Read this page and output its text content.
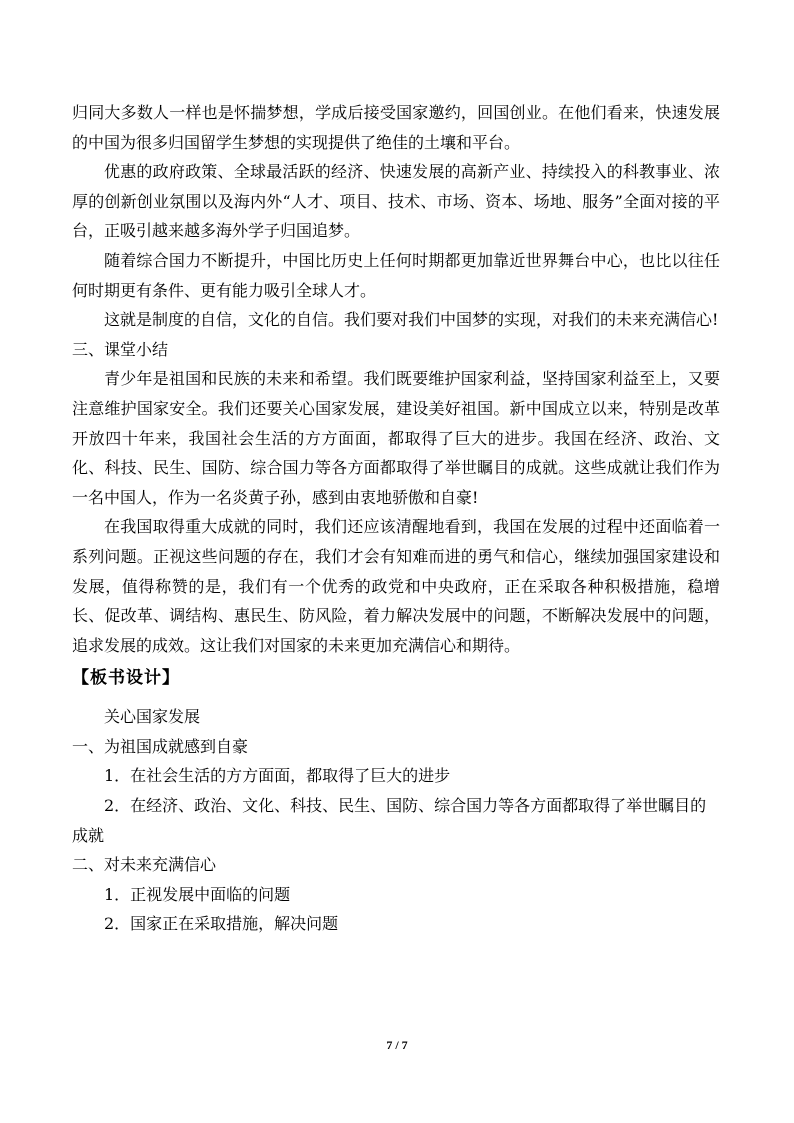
归同大多数人一样也是怀揣梦想，学成后接受国家邀约，回国创业。在他们看来，快速发展的中国为很多归国留学生梦想的实现提供了绝佳的土壤和平台。

优惠的政府政策、全球最活跃的经济、快速发展的高新产业、持续投入的科教事业、浓厚的创新创业氛围以及海内外“人才、项目、技术、市场、资本、场地、服务”全面对接的平台，正吸引越来越多海外学子归国追梦。

随着综合国力不断提升，中国比历史上任何时期都更加靠近世界舞台中心，也比以往任何时期更有条件、更有能力吸引全球人才。

这就是制度的自信，文化的自信。我们要对我们中国梦的实现，对我们的未来充满信心!

三、课堂小结

青少年是祖国和民族的未来和希望。我们既要维护国家利益，坚持国家利益至上，又要注意维护国家安全。我们还要关心国家发展，建设美好祖国。新中国成立以来，特别是改革开放四十年来，我国社会生活的方方面面，都取得了巨大的进步。我国在经济、政治、文化、科技、民生、国防、综合国力等各方面都取得了举世瞩目的成就。这些成就让我们作为一名中国人，作为一名炎黄子孙，感到由衷地骄傲和自豪!

在我国取得重大成就的同时，我们还应该清醒地看到，我国在发展的过程中还面临着一系列问题。正视这些问题的存在，我们才会有知难而进的勇气和信心，继续加强国家建设和发展，值得称赞的是，我们有一个优秀的政党和中央政府，正在采取各种积极措施，稳增长、促改革、调结构、惠民生、防风险，着力解决发展中的问题，不断解决发展中的问题，追求发展的成效。这让我们对国家的未来更加充满信心和期待。

【板书设计】

关心国家发展

一、为祖国成就感到自豪

1．在社会生活的方方面面，都取得了巨大的进步

2．在经济、政治、文化、科技、民生、国防、综合国力等各方面都取得了举世瞩目的成就

二、对未来充满信心

1．正视发展中面临的问题

2．国家正在采取措施，解决问题

7 / 7
